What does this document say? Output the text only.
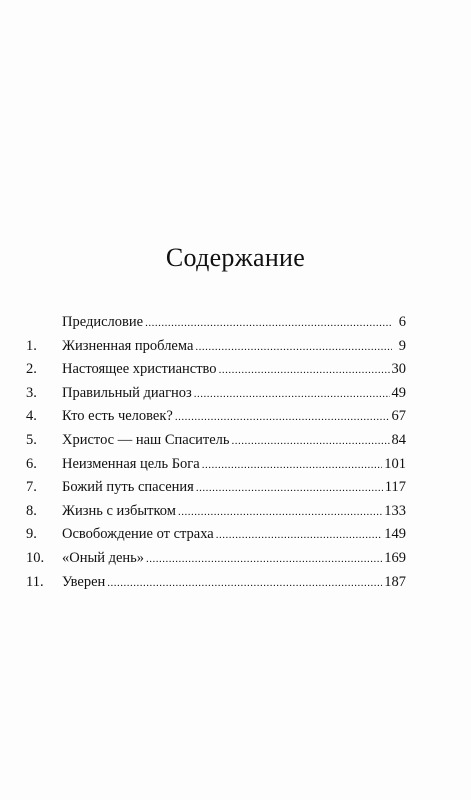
Содержание
Предисловие .....	6
1.	Жизненная проблема .....	9
2.	Настоящее христианство .....	30
3.	Правильный диагноз .....	49
4.	Кто есть человек? .....	67
5.	Христос — наш Спаситель .....	84
6.	Неизменная цель Бога .....	101
7.	Божий путь спасения .....	117
8.	Жизнь с избытком .....	133
9.	Освобождение от страха .....	149
10.	«Оный день» .....	169
11.	Уверен .....	187
